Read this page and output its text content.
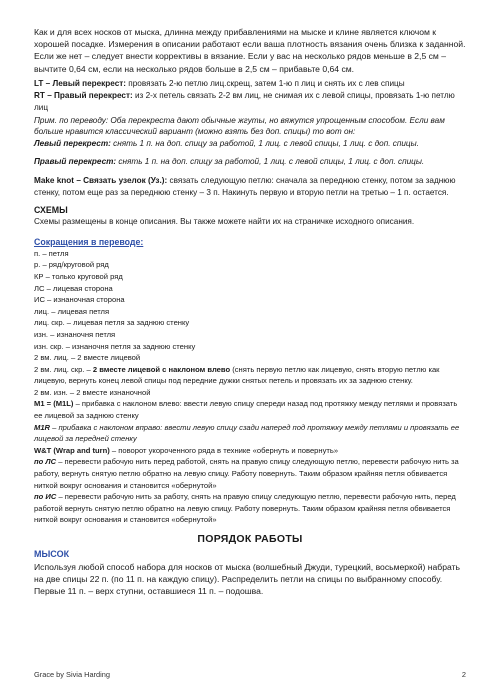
Как и для всех носков от мыска, длинна между прибавлениями на мыске и клине является ключом к хорошей посадке. Измерения в описании работают если ваша плотность вязания очень близка к заданной. Если же нет – следует внести коррективы в вязание. Если у вас на несколько рядов меньше в 2,5 см – вычтите 0,64 см, если на несколько рядов больше в 2,5 см – прибавьте 0,64 см.

LT – Левый перекрест: провязать 2-ю петлю лиц.скрещ, затем 1-ю п лиц и снять их с лев спицы

RT – Правый перекрест: из 2-х петель связать 2-2 вм лиц, не снимая их с левой спицы, провязать 1-ю петлю лиц

Прим. по переводу: Оба перекреста дают обычные жгуты, но вяжутся упрощенным способом. Если вам больше нравится классический вариант (можно взять без доп. спицы) то вот он:

Левый перекрест: снять 1 п. на доп. спицу за работой, 1 лиц. с левой спицы, 1 лиц. с доп. спицы.

Правый перекрест: снять 1 п. на доп. спицу за работой, 1 лиц. с левой спицы, 1 лиц. с доп. спицы.

Make knot – Связать узелок (Уз.): связать следующую петлю: сначала за переднюю стенку, потом за заднюю стенку, потом еще раз за переднюю стенку – 3 п. Накинуть первую и вторую петли на третью – 1 п. остается.

СХЕМЫ

Схемы размещены в конце описания. Вы также можете найти их на страничке исходного описания.

Сокращения в переводе:

п. – петля

р. – ряд/круговой ряд

КР – только круговой ряд

ЛС – лицевая сторона

ИС – изнаночная сторона

лиц. – лицевая петля

лиц. скр. – лицевая петля за заднюю стенку

изн. – изнаночня петля

изн. скр. – изнаночня петля за заднюю стенку

2 вм. лиц. – 2 вместе лицевой

2 вм. лиц. скр. – 2 вместе лицевой с наклоном влево (снять первую петлю как лицевую, снять вторую петлю как лицевую, вернуть конец левой спицы под передние дужки снятых петель и провязать их за заднюю стенку.

2 вм. изн. – 2 вместе изнаночной

M1 = (M1L) – прибавка с наклоном влево: ввести левую спицу спереди назад под протяжку между петлями и провязать ее лицевой за заднюю стенку

M1R – прибавка с наклоном вправо: ввести левую спицу сзади наперед под протяжку между петлями и провязать ее лицевой за передней стенку

W&T (Wrap and turn) – поворот укороченного ряда в технике «обернуть и повернуть»

по ЛС – перевести рабочую нить перед работой, снять на правую спицу следующую петлю, перевести рабочую нить за работу, вернуть снятую петлю обратно на левую спицу. Работу повернуть. Таким образом крайняя петля обвивается ниткой вокруг основания и становится «обернутой»

по ИС – перевести рабочую нить за работу, снять на правую спицу следующую петлю, перевести рабочую нить, перед работой вернуть снятую петлю обратно на левую спицу. Работу повернуть. Таким образом крайняя петля обвивается ниткой вокруг основания и становится «обернутой»

ПОРЯДОК РАБОТЫ

МЫСОК

Используя любой способ набора для носков от мыска (волшебный Джуди, турецкий, восьмеркой) набрать на две спицы 22 п. (по 11 п. на каждую спицу). Распределить петли на спицы по выбранному способу. Первые 11 п. – верх ступни, оставшиеся 11 п. – подошва.

Grace by Sivia Harding	2
